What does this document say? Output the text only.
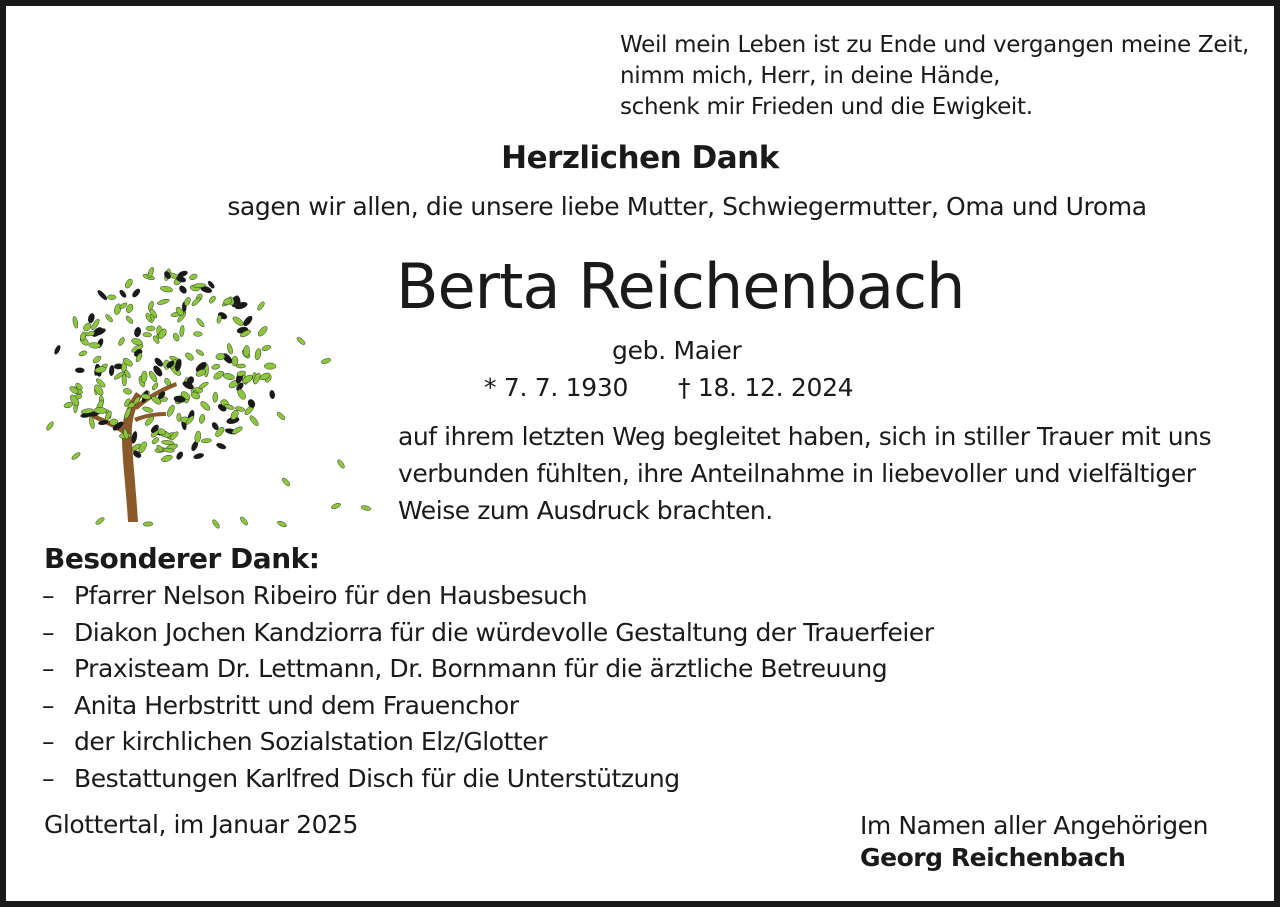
Weil mein Leben ist zu Ende und vergangen meine Zeit,
nimm mich, Herr, in deine Hände,
schenk mir Frieden und die Ewigkeit.
Herzlichen Dank
sagen wir allen, die unsere liebe Mutter, Schwiegermutter, Oma und Uroma
Berta Reichenbach
geb. Maier
* 7. 7. 1930 † 18. 12. 2024
auf ihrem letzten Weg begleitet haben, sich in stiller Trauer mit uns
verbunden fühlten, ihre Anteilnahme in liebevoller und vielfältiger
Weise zum Ausdruck brachten.
Besonderer Dank:
– Pfarrer Nelson Ribeiro für den Hausbesuch
– Diakon Jochen Kandziorra für die würdevolle Gestaltung der Trauerfeier
– Praxisteam Dr. Lettmann, Dr. Bornmann für die ärztliche Betreuung
– Anita Herbstritt und dem Frauenchor
– der kirchlichen Sozialstation Elz/Glotter
– Bestattungen Karlfred Disch für die Unterstützung
Glottertal, im Januar 2025	Im Namen aller Angehörigen
Georg Reichenbach
